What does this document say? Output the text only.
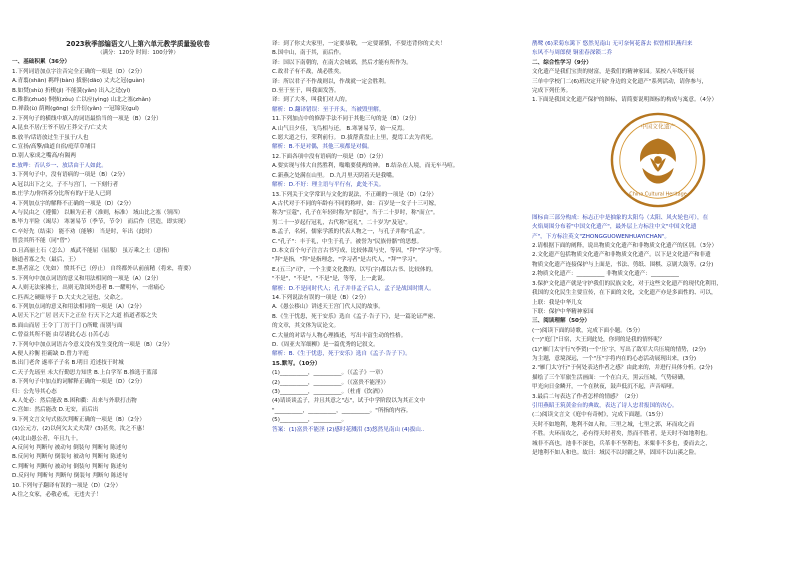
2023秋季部编语文八上第六单元教学质量验收卷

（满分：120分 时间：100分钟）

一、基础积累（36分）

1.下列词语加点字注音完全正确的一项是（D）（2分）

A.青翦(shān) 羁绊(bàn) 拔驱(dāo) 丈夫之冠(guàn)

B.如焚(shù) 折楔(jì) 不能簧(yǎn) 出入之迳(yí)

C.稚拙(zhuō) 恫骇(zǒu) 亡以应(yìng) 山北之塞(zhǎn)

D.禅鼓(ù) 荫阙(gōng) 公升衍(yǎn) 一冠锦宪(guǐ)

2.下列句子的横线中填入的词语最恰当的一项是（B）（2分）

A.昆虫不居/王爷不居/王莽父子/亡丈夫

B.放羊/话语放过生于虽于/人也

C.宣扬/高擎/曲道自宿/庭草草埔目

D.别人家成之嘴高/有隔两

E.放哗：否认乡一、放话由于人如此。

3.下列句子中，没有语病的一项是（B）（2分）

A.冠以出下之父，子不与宫门，一下刻行者

B.庄学力/你所养分比所有的/于是人已到

4.下列加点字的解释不正确的一项是（D）（2分）

A.与民由之（遵循） 以顺为正者（准则，标准） 域山比之塞（领四）

B.毕力平险（竭尽） 寒暑易节（季节，节令） 而后作（营造，即实现）

C.卒好先（结束） 能不劝（能够） 当是时，年出（此时）

智尝其所不能（同"曾"）

D.且高丽土石（怎么） 威武不能屈（屈服） 虽万乘之土（意指）

脑道者寡之失（最后，王）

E.黑者富之（先如） 愤其不已（停止） 自终都外认前前精（将来，将要）

5.下列句中加点词语的意义和用法相同的一项是（A）（2分）

A.人则无法家拂士，出则无敌国外患者 B.一耀明车，一虐痛心

C.匹西之硬耻辱于 D.大丈夫之冠也，父命之。

6.下列加点词的意义和用法相同的一项是（A）（2分）

A.居天下之广居 居天下之正位 行天下之大道 掐道者寡之失

B.面山而居 王令丁丁厉于门 ()所毗 而别与面

C.曾益其所不能 由尽诸此心志 ()苦心志

7.下列句中加点词语古今意义没有发生变化的一项是（B）（2分）

A.便人衿衡 拒霸缺 D.曾力平庭

B.出门老舍 遂率子子名 B.明日 近述技于时城

C.天子先瑶至 未大行勤思力知世 B.上白学军 B.推选于蓝部

8.下列句子中加点的词解释正确的一项是（D）（2分）

归：公先导其心态

A.人处必：然后能改 B.困和衢：出来与外联打击物

C.宫如：然后能改 D.无安，而后出

9.下列文言文句式依次判断正确的一项是（B）（2分）

(1)公元方，(2)以何欠太丈夫哉？(3)甚矣，汝之不惠！

(4)北山愚公者，年且九十。

A.反问句 判断句 被动句 倒装句 判断句 陈述句

B.反问句 判断句 倒装句 被动句 判断句 陈述句

C.判断句 判断句 被动句 倒装句 判断句 陈述句

D.反问句 判断句 判断句 倒装句 判断句 陈述句

10.下列句子翻译有误的一项是（D）（2分）

A.往之女家，必敬必戒，无违夫子！

译：到了你丈夫家里，一定要恭敬，一定要谨慎，不要违背你的丈夫！

B.国中山，南于其，而后作。

译：国以下南朝的，在南大会城郊，然后才能有所作为。

C.故君子有不战，战必胜矣。

译：所以君子不作战则以，作战就一定会胜利。

D.至于至于，叫我面发答。

译：到了大冬，叫我们对人的。

解析：D.翻译错误：至于开头，当被毁里解。

11.下列加点中的修辞手法不同于其他三句的是（B）（2分）

A.山气日夕佳，飞鸟相与还。 B.寒暑易节，始一反焉。

C.愿大道之行，荣利前行。 D.拔帮黄盘止上里，提焉工去为君死。

解析：B.不是对偶，其他三项都是对偶。

12.下面各项中没有语病的一项是（D）（2分）

A.要实现与伟大自然胜利，嗡嗡要使两的神。 B.结杂在人境，而无车马喧。

C.新燕之处满在山里。 D.九月里天阴着天是我嘴。

解析：D.不好：理主语与平行有，此处不关。

13.下列关于文学常识与文化的说法，不正确的一项是（D）（2分）

A.古代对于不同的年龄有不同的称呼，如：百岁是一女子十三可嫁，

称为"豆蔻"，孔子在年轻时称为"弱冠"，当于二十岁时，称"而立"。

男二十一岁起行冠礼，古代称"冠礼"，二十岁为"及冠"。

B.孟子，名轲，儒家学派的代表人物之一，与孔子并称"孔孟"。

C."孔子"：丰于礼，中生于孔子。被誉为"民族骨骼"的思想。

D.本文首个句子注言古书写成，比较体裁与史，等因，"拜""学习"等。

"拜"是指，"拜"是指理念，"学习者"是古代人，"拜""学习"。

E.(五三)"司"，一个主要文化教的。以写(字)都以古书、比较体的。

"不是"，"不是"，"不是"是，等等，上一此说。

解析：D.不是同时代人；孔子并非孟子后人，孟子是战国时期人。

14.下列说法有误的一项是（B）（2分）

A.《愚公移山》讲述天王宫门代人民的故事。

B.《生于忧患，死于安乐》选自《孟子·告子下》，是一篇论证严密、

的文章，其文体为议论文。

C.大量的对话与人物心理描述，写出丰富生动的性格。

D.《周亚夫军细柳》是一篇优秀的记叙文。

解析：B.《生于忧患，死于安乐》选自《孟子·告子下》。

15.默写。（10分）

(1)__________，__________。（《孟子》一章）

(2)__________，__________。（《富贵不能淫》）

(3)__________，__________。（杜甫《饮酒》）

(4)请谈谈孟子，并且其意之"志"，试于中学阶段以为其正文中

"__________，__________，__________。"所指的内容。

(5)__________，__________。

答案：(1)富贵不能淫 (2)感时花溅泪 (3)悠然见南山 (4)拔山..

鹊鹭 (6)采菊东篱下 悠然见南山 无可奈何花落去 似曾相识燕归来

东风不与周郎便 铜雀春深锁二乔

二、综合性学习（9分）

文化遗产是我们宝贵的财富，是我们的精神家园。某校八年级开展

三单中学校门二(6)班决定开展"身边的文化遗产"系列活动，请你参与，

完成下列任务。

1.下面是我国文化遗产保护的图标，请简要说明图标的构成与寓意。（4分）

China Cultural Heritage
中国文化遗产

图标由三部分构成：标志正中是抽象的太阳鸟（太阳、风火轮也可），在

火焰周围分布着"中国文化遗产"，最外层上方标注中文"中国文化遗

产"，下方标注英文"ZHONGGUOWENHUAYICHAN"。

2.请根据下面的阐释，说出物质文化遗产和非物质文化遗产的区别。（3分）

2.文化遗产包括物质文化遗产和非物质文化遗产。以下是文化遗产和非遗

物质文化遗产连接保护与上面是，书法、剪纸、围棋、京剧大鼓等。(2分)

2.物质文化遗产：__________ 非物质文化遗产：__________

3.保护文化遗产就是守护我们的民族文化，对于这些文化遗产的现代化利用，

我国的文化民生主要宣传，在下面的文化，文化遗产亦是多面性的、可以，

上联：我是中华儿女

下联：保护中华精神家园

三、阅读理解（50分）

(一)阅读下面的诗歌，完成下面小题。（5分）

(一)"庭门"曰宿，大王到此处，你到的是我的情怀呢？

(1)"雁门太守行"(李贺)一个'压'字，写出了敌军大兵压境的情势，(2分)

为主题，意境深远，一个"压"字将内在的心态活动展现出来，(3分)

2."雁门太守行"于何处表达作者之感？由此来的，并进行具体分析。(2分)

描绘了三个军旅生活画面：一个在白天，黑云压城，气势磅礴，

甲光向日金鳞开，一个在秋夜，鼓声低沉不起，声音喑哑。

3.最后二句表达了作者怎样的情感？（2分）

引用燕昭王筑黄金台的典故，表达了诗人忠君报国的决心。

(二)阅读文言文《庭中有奇树》，完成下面题。（15分）

天时不如地利，地利不如人和。三里之城，七里之郭，环而攻之而

不胜。夫环而攻之，必有得天时者矣，然而不胜者，是天时不如地利也。

城非不高也，池非不深也，兵革非不坚利也，米粟非不多也，委而去之，

是地利不如人和也。故曰：域民不以封疆之界，固国不以山溪之险。
